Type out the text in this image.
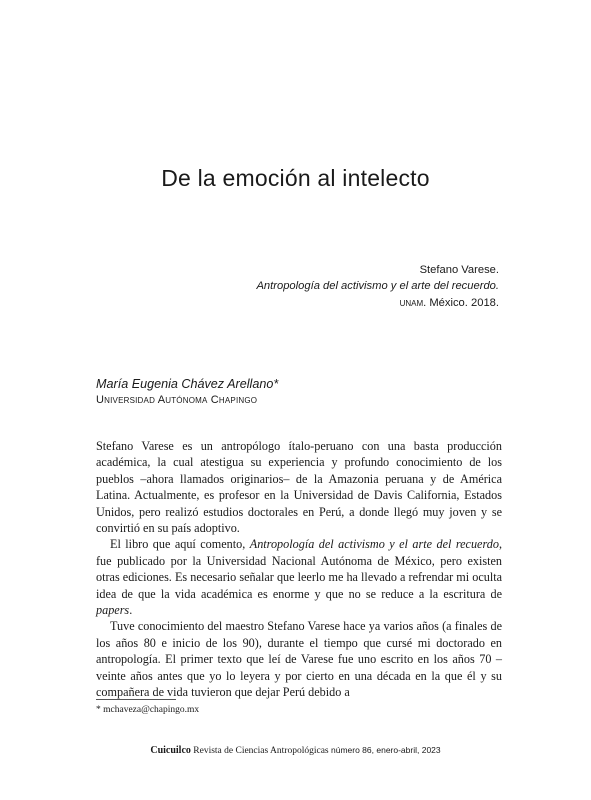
De la emoción al intelecto
Stefano Varese.
Antropología del activismo y el arte del recuerdo.
unam. México. 2018.
María Eugenia Chávez Arellano*
Universidad Autónoma Chapingo

Stefano Varese es un antropólogo ítalo-peruano con una basta producción académica, la cual atestigua su experiencia y profundo conocimiento de los pueblos –ahora llamados originarios– de la Amazonia peruana y de América Latina. Actualmente, es profesor en la Universidad de Davis California, Estados Unidos, pero realizó estudios doctorales en Perú, a donde llegó muy joven y se convirtió en su país adoptivo.

El libro que aquí comento, Antropología del activismo y el arte del recuerdo, fue publicado por la Universidad Nacional Autónoma de México, pero existen otras ediciones. Es necesario señalar que leerlo me ha llevado a refrendar mi oculta idea de que la vida académica es enorme y que no se reduce a la escritura de papers.

Tuve conocimiento del maestro Stefano Varese hace ya varios años (a finales de los años 80 e inicio de los 90), durante el tiempo que cursé mi doctorado en antropología. El primer texto que leí de Varese fue uno escrito en los años 70 –veinte años antes que yo lo leyera y por cierto en una década en la que él y su compañera de vida tuvieron que dejar Perú debido a

* mchaveza@chapingo.mx
Cuicuilco Revista de Ciencias Antropológicas número 86, enero-abril, 2023
